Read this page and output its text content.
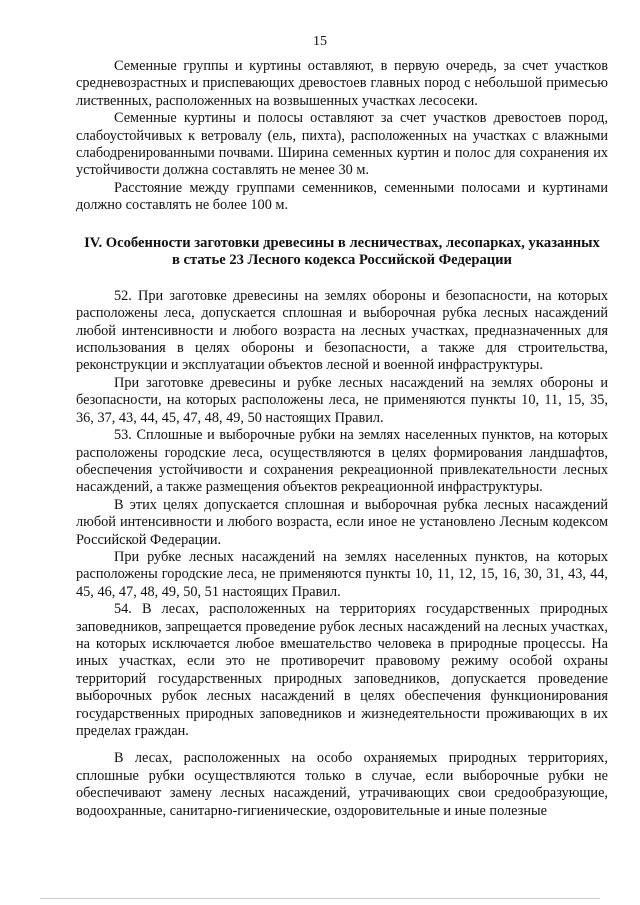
15

Семенные группы и куртины оставляют, в первую очередь, за счет участков средневозрастных и приспевающих древостоев главных пород с небольшой примесью лиственных, расположенных на возвышенных участках лесосеки.

Семенные куртины и полосы оставляют за счет участков древостоев пород, слабоустойчивых к ветровалу (ель, пихта), расположенных на участках с влажными слабодренированными почвами. Ширина семенных куртин и полос для сохранения их устойчивости должна составлять не менее 30 м.

Расстояние между группами семенников, семенными полосами и куртинами должно составлять не более 100 м.

IV. Особенности заготовки древесины в лесничествах, лесопарках, указанных в статье 23 Лесного кодекса Российской Федерации

52. При заготовке древесины на землях обороны и безопасности, на которых расположены леса, допускается сплошная и выборочная рубка лесных насаждений любой интенсивности и любого возраста на лесных участках, предназначенных для использования в целях обороны и безопасности, а также для строительства, реконструкции и эксплуатации объектов лесной и военной инфраструктуры.

При заготовке древесины и рубке лесных насаждений на землях обороны и безопасности, на которых расположены леса, не применяются пункты 10, 11, 15, 35, 36, 37, 43, 44, 45, 47, 48, 49, 50 настоящих Правил.

53. Сплошные и выборочные рубки на землях населенных пунктов, на которых расположены городские леса, осуществляются в целях формирования ландшафтов, обеспечения устойчивости и сохранения рекреационной привлекательности лесных насаждений, а также размещения объектов рекреационной инфраструктуры.

В этих целях допускается сплошная и выборочная рубка лесных насаждений любой интенсивности и любого возраста, если иное не установлено Лесным кодексом Российской Федерации.

При рубке лесных насаждений на землях населенных пунктов, на которых расположены городские леса, не применяются пункты 10, 11, 12, 15, 16, 30, 31, 43, 44, 45, 46, 47, 48, 49, 50, 51 настоящих Правил.

54. В лесах, расположенных на территориях государственных природных заповедников, запрещается проведение рубок лесных насаждений на лесных участках, на которых исключается любое вмешательство человека в природные процессы. На иных участках, если это не противоречит правовому режиму особой охраны территорий государственных природных заповедников, допускается проведение выборочных рубок лесных насаждений в целях обеспечения функционирования государственных природных заповедников и жизнедеятельности проживающих в их пределах граждан.

В лесах, расположенных на особо охраняемых природных территориях, сплошные рубки осуществляются только в случае, если выборочные рубки не обеспечивают замену лесных насаждений, утрачивающих свои средообразующие, водоохранные, санитарно-гигиенические, оздоровительные и иные полезные
